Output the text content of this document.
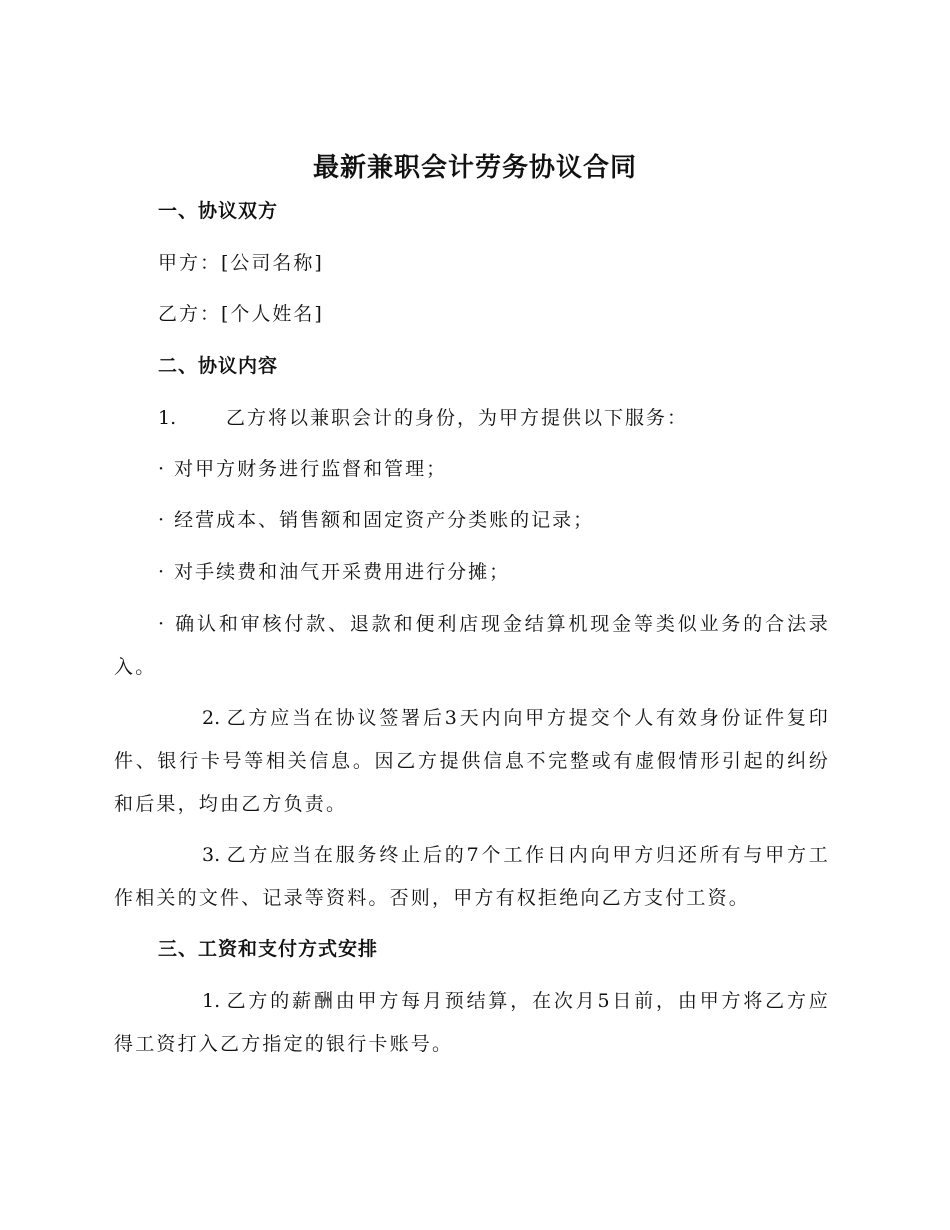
最新兼职会计劳务协议合同
一、协议双方
甲方：[公司名称]
乙方：[个人姓名]
二、协议内容
1.	乙方将以兼职会计的身份，为甲方提供以下服务：
· 对甲方财务进行监督和管理；
· 经营成本、销售额和固定资产分类账的记录；
· 对手续费和油气开采费用进行分摊；
· 确认和审核付款、退款和便利店现金结算机现金等类似业务的合法录入。
2. 乙方应当在协议签署后3天内向甲方提交个人有效身份证件复印件、银行卡号等相关信息。因乙方提供信息不完整或有虚假情形引起的纠纷和后果，均由乙方负责。
3. 乙方应当在服务终止后的7个工作日内向甲方归还所有与甲方工作相关的文件、记录等资料。否则，甲方有权拒绝向乙方支付工资。
三、工资和支付方式安排
1. 乙方的薪酬由甲方每月预结算，在次月5日前，由甲方将乙方应得工资打入乙方指定的银行卡账号。
